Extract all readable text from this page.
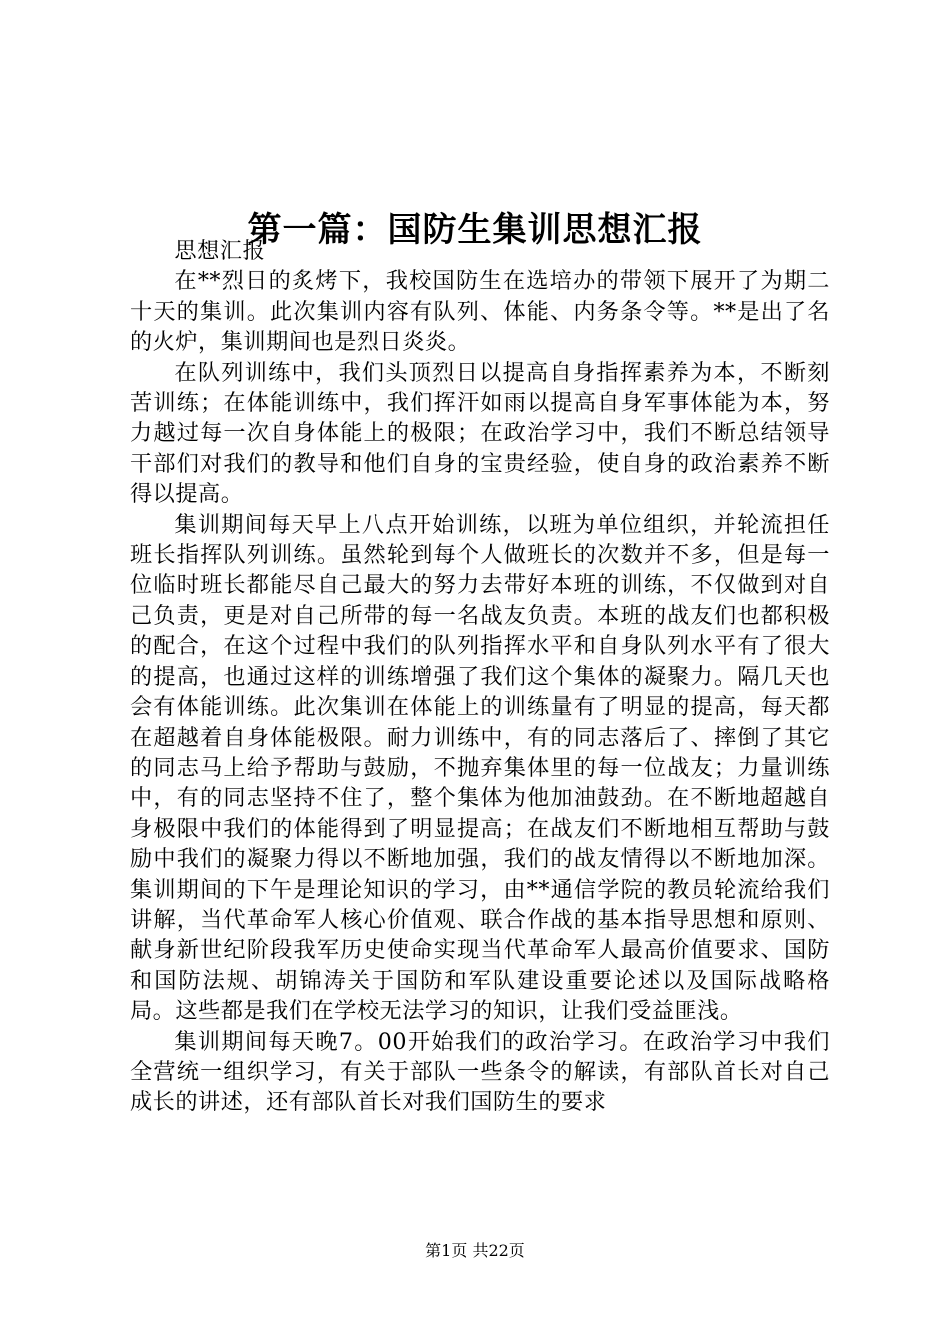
第一篇：国防生集训思想汇报

思想汇报

在**烈日的炙烤下，我校国防生在选培办的带领下展开了为期二十天的集训。此次集训内容有队列、体能、内务条令等。**是出了名的火炉，集训期间也是烈日炎炎。

在队列训练中，我们头顶烈日以提高自身指挥素养为本，不断刻苦训练；在体能训练中，我们挥汗如雨以提高自身军事体能为本，努力越过每一次自身体能上的极限；在政治学习中，我们不断总结领导干部们对我们的教导和他们自身的宝贵经验，使自身的政治素养不断得以提高。

集训期间每天早上八点开始训练，以班为单位组织，并轮流担任班长指挥队列训练。虽然轮到每个人做班长的次数并不多，但是每一位临时班长都能尽自己最大的努力去带好本班的训练，不仅做到对自己负责，更是对自己所带的每一名战友负责。本班的战友们也都积极的配合，在这个过程中我们的队列指挥水平和自身队列水平有了很大的提高，也通过这样的训练增强了我们这个集体的凝聚力。隔几天也会有体能训练。此次集训在体能上的训练量有了明显的提高，每天都在超越着自身体能极限。耐力训练中，有的同志落后了、摔倒了其它的同志马上给予帮助与鼓励，不抛弃集体里的每一位战友；力量训练中，有的同志坚持不住了，整个集体为他加油鼓劲。在不断地超越自身极限中我们的体能得到了明显提高；在战友们不断地相互帮助与鼓励中我们的凝聚力得以不断地加强，我们的战友情得以不断地加深。集训期间的下午是理论知识的学习，由**通信学院的教员轮流给我们讲解，当代革命军人核心价值观、联合作战的基本指导思想和原则、献身新世纪阶段我军历史使命实现当代革命军人最高价值要求、国防和国防法规、胡锦涛关于国防和军队建设重要论述以及国际战略格局。这些都是我们在学校无法学习的知识，让我们受益匪浅。

集训期间每天晚7。00开始我们的政治学习。在政治学习中我们全营统一组织学习，有关于部队一些条令的解读，有部队首长对自己成长的讲述，还有部队首长对我们国防生的要求

第1页 共22页
